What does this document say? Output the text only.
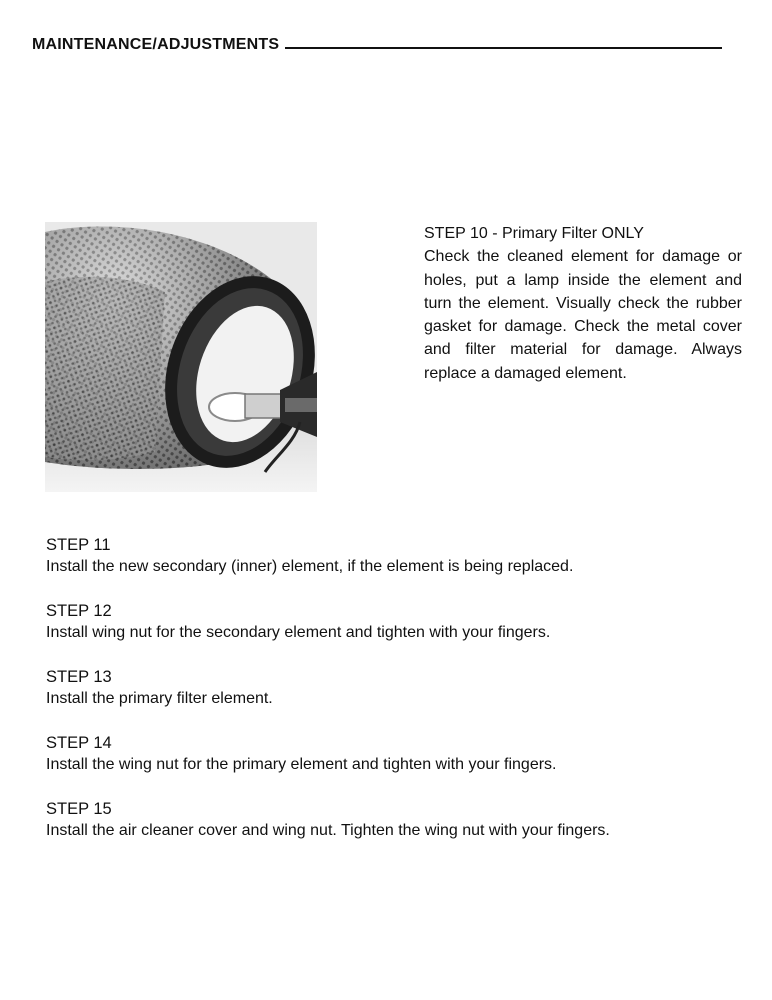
MAINTENANCE/ADJUSTMENTS
STEP 10 - Primary Filter ONLY
Check the cleaned element for damage or holes, put a lamp inside the element and turn the element. Visually check the rubber gasket for damage. Check the metal cover and filter material for damage. Always replace a damaged element.
STEP 11
Install the new secondary (inner) element, if the element is being replaced.
STEP 12
Install wing nut for the secondary element and tighten with your fingers.
STEP 13
Install the primary filter element.
STEP 14
Install the wing nut for the primary element and tighten with your fingers.
STEP 15
Install the air cleaner cover and wing nut. Tighten the wing nut with your fingers.
